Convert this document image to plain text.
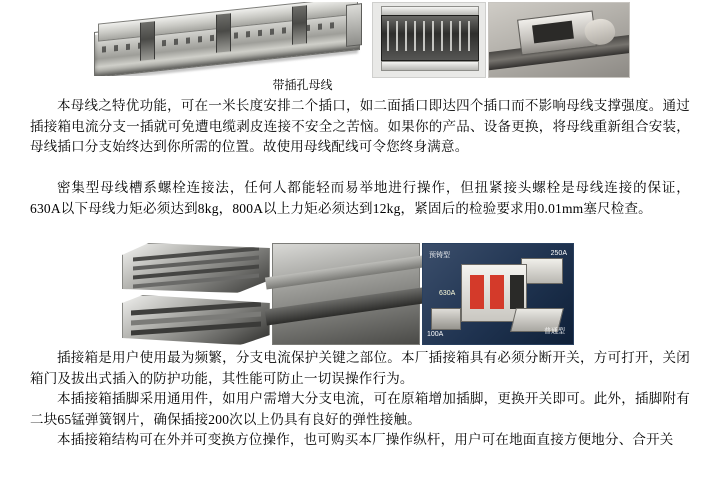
带插孔母线

本母线之特优功能，可在一米长度安排二个插口，如二面插口即达四个插口而不影响母线支撑强度。通过插接箱电流分支一插就可免遭电缆剥皮连接不安全之苦恼。如果你的产品、设备更换，将母线重新组合安装，母线插口分支始终达到你所需的位置。故使用母线配线可令您终身满意。

密集型母线槽系螺栓连接法，任何人都能轻而易举地进行操作，但扭紧接头螺栓是母线连接的保证，630A以下母线力矩必须达到8kg，800A以上力矩必须达到12kg，紧固后的检验要求用0.01mm塞尺检查。

预铸型	250A
100A	普通型
630A

插接箱是用户使用最为频繁，分支电流保护关键之部位。本厂插接箱具有必须分断开关，方可打开，关闭箱门及拔出式插入的防护功能，其性能可防止一切误操作行为。

本插接箱插脚采用通用件，如用户需增大分支电流，可在原箱增加插脚，更换开关即可。此外，插脚附有二块65锰弹簧钢片，确保插接200次以上仍具有良好的弹性接触。

本插接箱结构可在外并可变换方位操作，也可购买本厂操作纵杆，用户可在地面直接方便地分、合开关
